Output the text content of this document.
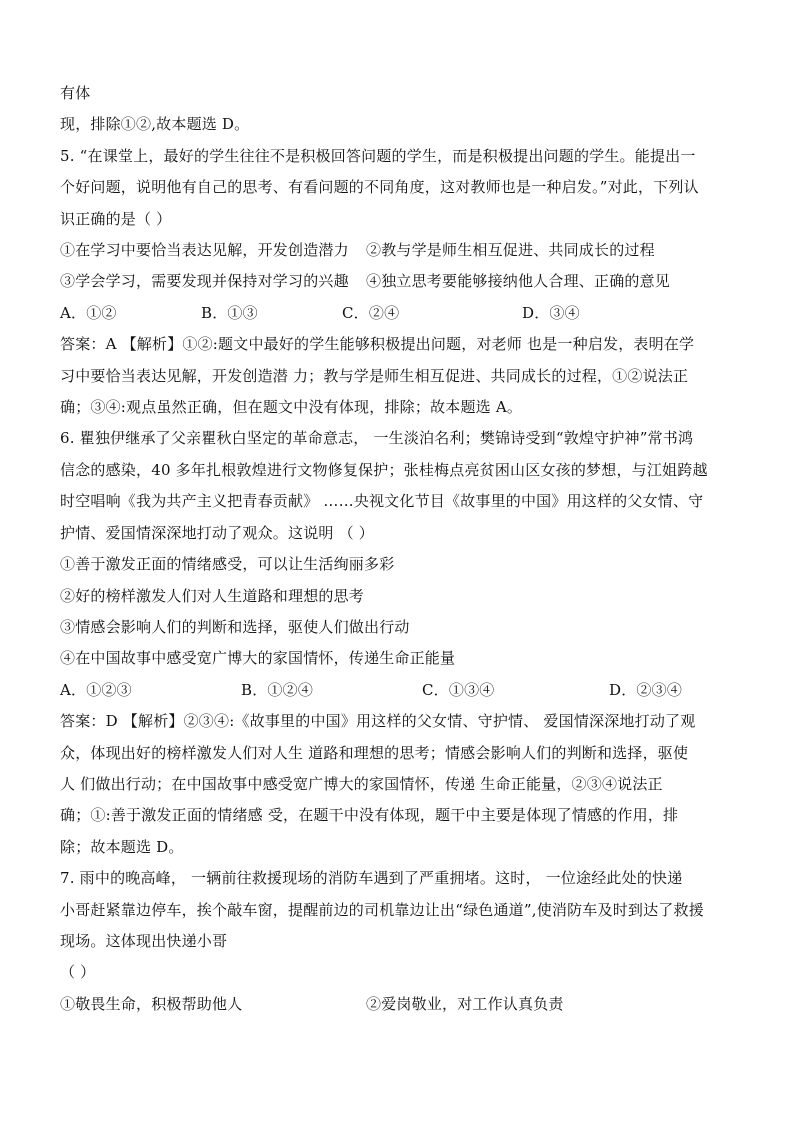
有体
现，排除①②,故本题选 D。
5. “在课堂上，最好的学生往往不是积极回答问题的学生，而是积极提出问题的学生。能提出一
个好问题，说明他有自己的思考、有看问题的不同角度，这对教师也是一种启发。”对此，下列认
识正确的是（ ）
①在学习中要恰当表达见解，开发创造潜力 ②教与学是师生相互促进、共同成长的过程
③学会学习，需要发现并保持对学习的兴趣 ④独立思考要能够接纳他人合理、正确的意见
A．①②	B．①③	C．②④	D．③④
答案：A 【解析】①②:题文中最好的学生能够积极提出问题，对老师 也是一种启发，表明在学
习中要恰当表达见解，开发创造潜 力；教与学是师生相互促进、共同成长的过程，①②说法正
确；③④:观点虽然正确，但在题文中没有体现，排除；故本题选 A。
6. 瞿独伊继承了父亲瞿秋白坚定的革命意志， 一生淡泊名利；樊锦诗受到“敦煌守护神”常书鸿
信念的感染，40 多年扎根敦煌进行文物修复保护；张桂梅点亮贫困山区女孩的梦想，与江姐跨越
时空唱响《我为共产主义把青春贡献》 ……央视文化节目《故事里的中国》用这样的父女情、守
护情、爱国情深深地打动了观众。这说明 （ ）
①善于激发正面的情绪感受，可以让生活绚丽多彩
②好的榜样激发人们对人生道路和理想的思考
③情感会影响人们的判断和选择，驱使人们做出行动
④在中国故事中感受宽广博大的家国情怀，传递生命正能量
A．①②③	B．①②④	C．①③④	D．②③④
答案：D 【解析】②③④:《故事里的中国》用这样的父女情、守护情、 爱国情深深地打动了观
众，体现出好的榜样激发人们对人生 道路和理想的思考；情感会影响人们的判断和选择，驱使
人 们做出行动；在中国故事中感受宽广博大的家国情怀，传递 生命正能量，②③④说法正
确；①:善于激发正面的情绪感 受，在题干中没有体现，题干中主要是体现了情感的作用，排
除；故本题选 D。
7. 雨中的晚高峰， 一辆前往救援现场的消防车遇到了严重拥堵。这时， 一位途经此处的快递
小哥赶紧靠边停车，挨个敲车窗，提醒前边的司机靠边让出“绿色通道”,使消防车及时到达了救援
现场。这体现出快递小哥
（ ）
①敬畏生命，积极帮助他人	②爱岗敬业，对工作认真负责
